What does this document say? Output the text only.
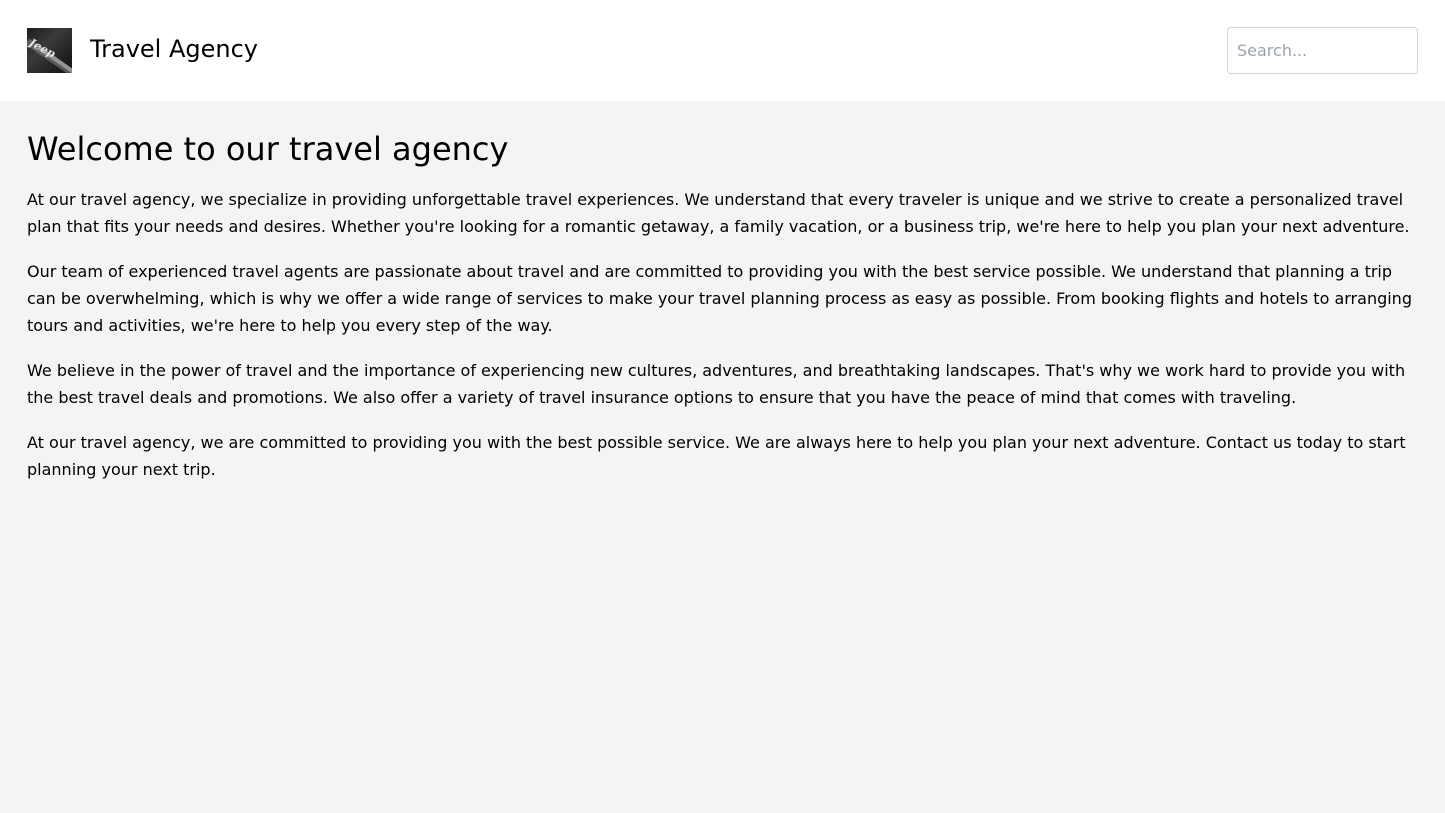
Jeep Travel Agency
Search...
Welcome to our travel agency

At our travel agency, we specialize in providing unforgettable travel experiences. We understand that every traveler is unique and we strive to create a personalized travel plan that fits your needs and desires. Whether you're looking for a romantic getaway, a family vacation, or a business trip, we're here to help you plan your next adventure.

Our team of experienced travel agents are passionate about travel and are committed to providing you with the best service possible. We understand that planning a trip can be overwhelming, which is why we offer a wide range of services to make your travel planning process as easy as possible. From booking flights and hotels to arranging tours and activities, we're here to help you every step of the way.

We believe in the power of travel and the importance of experiencing new cultures, adventures, and breathtaking landscapes. That's why we work hard to provide you with the best travel deals and promotions. We also offer a variety of travel insurance options to ensure that you have the peace of mind that comes with traveling.

At our travel agency, we are committed to providing you with the best possible service. We are always here to help you plan your next adventure. Contact us today to start planning your next trip.
